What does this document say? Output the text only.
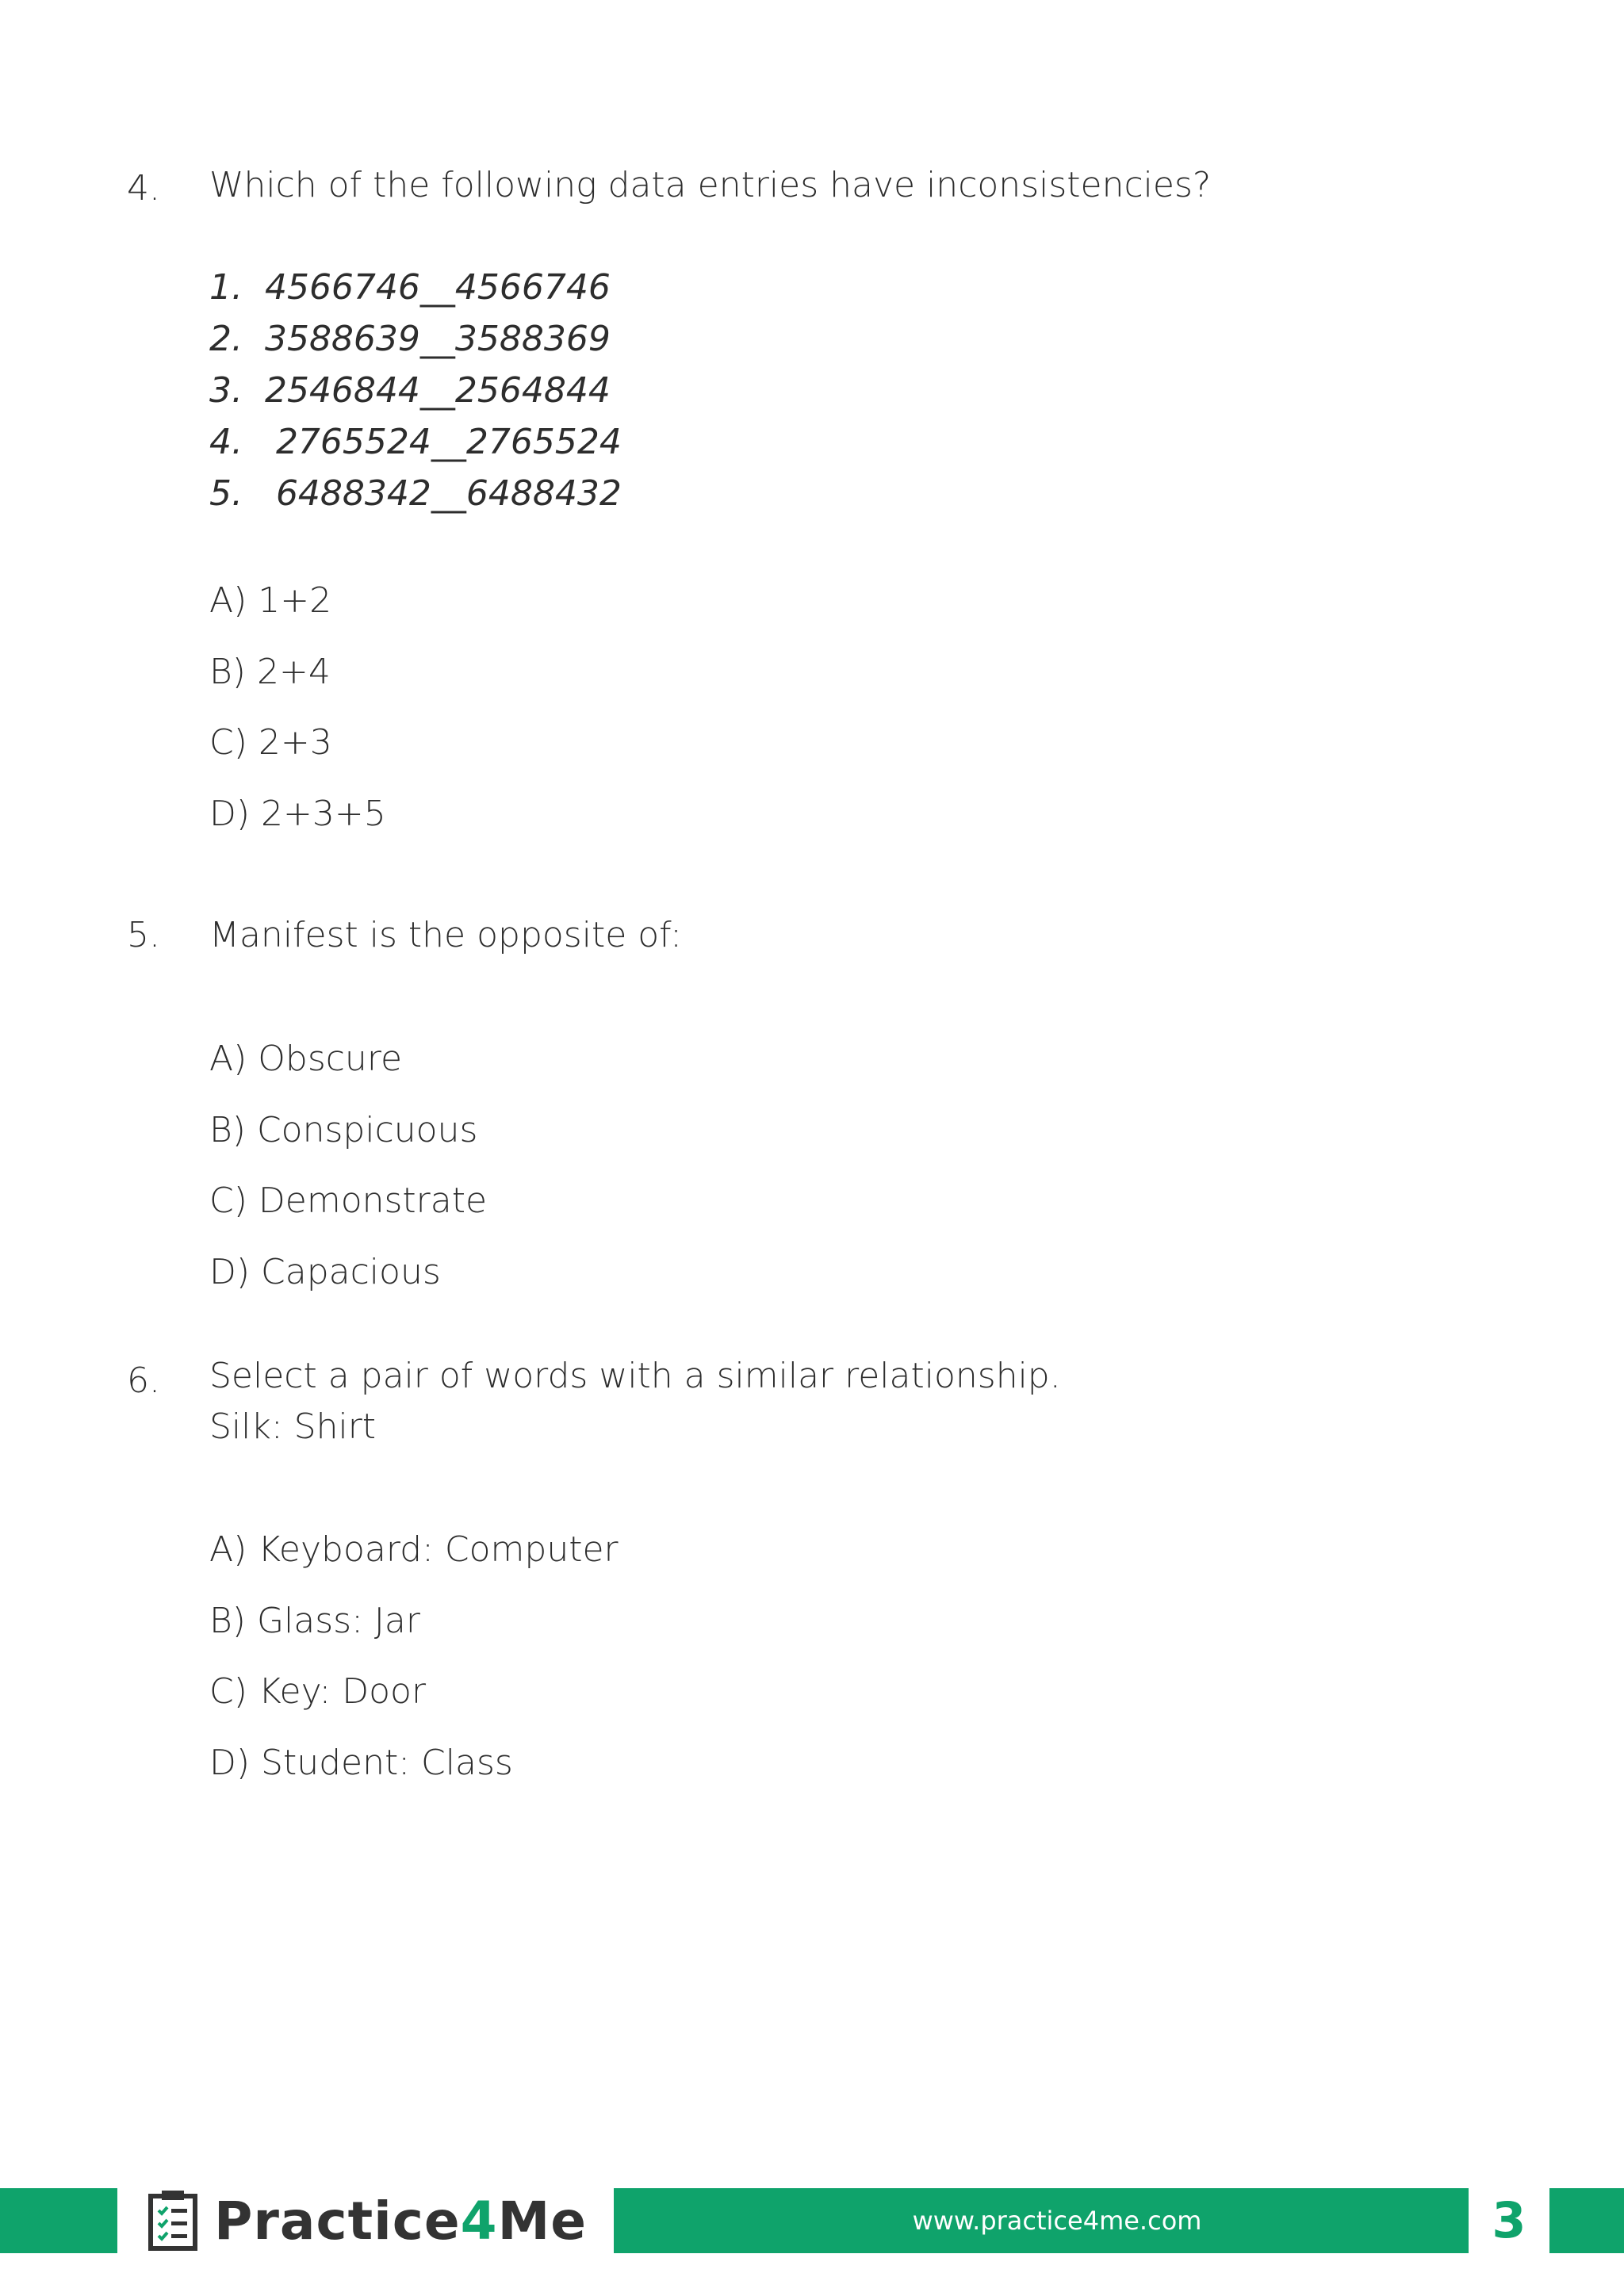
4. Which of the following data entries have inconsistencies?
1.  4566746__4566746
2.  3588639__3588369
3.  2546844__2564844
4.   2765524__2765524
5.   6488342__6488432
A) 1+2
B) 2+4
C) 2+3
D) 2+3+5
5. Manifest is the opposite of:
A) Obscure
B) Conspicuous
C) Demonstrate
D) Capacious
6. Select a pair of words with a similar relationship.
Silk: Shirt
A) Keyboard: Computer
B) Glass: Jar
C) Key: Door
D) Student: Class
Practice4Me	www.practice4me.com	3
